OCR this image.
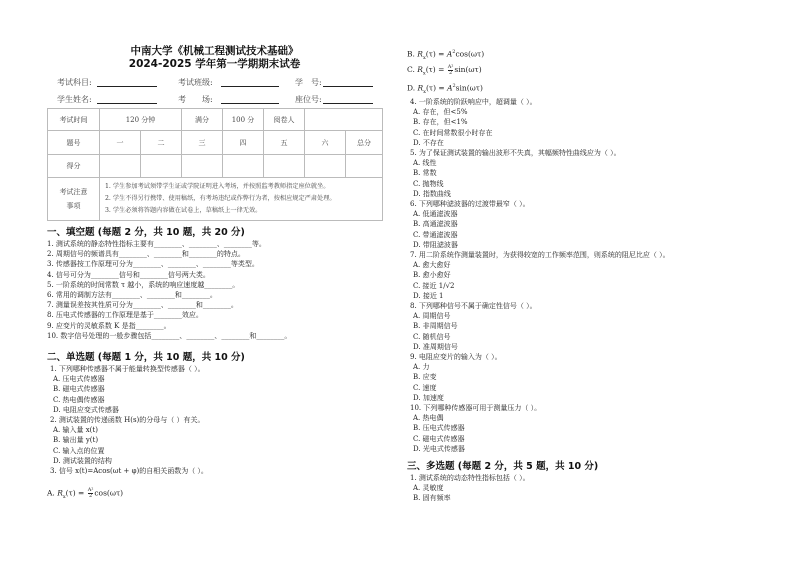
中南大学《机械工程测试技术基础》
2024-2025 学年第一学期期末试卷
考试科目:	考试班级:	学　号:
学生姓名:	考　　场:	座位号:
考试时间	120 分钟		满分	100 分	阅卷人		
题号	一	二	三	四	五	六	总分
得分							

考试注意
事项

1. 学生参加考试须带学生证或学院证明进入考场，并按照监考教师指定座位就坐。
2. 学生不得另行携带、使用稿纸，有考场违纪或作弊行为者，按相应规定严肃处理。
3. 学生必须将答题内容做在试卷上，草稿纸上一律无效。
一、填空题 (每题 2 分，共 10 题，共 20 分)
1. 测试系统的静态特性指标主要有________、________、________等。
2. 周期信号的频谱具有________、________和________的特点。
3. 传感器按工作原理可分为________、________、________等类型。
4. 信号可分为________信号和________信号两大类。
5. 一阶系统的时间常数 τ 越小，系统的响应速度越________。
6. 常用的调制方法有________、________和________。
7. 测量误差按其性质可分为________、________和________。
8. 压电式传感器的工作原理是基于________效应。
9. 应变片的灵敏系数 K 是指________。
10. 数字信号处理的一般步骤包括________、________、________和________。
二、单选题 (每题 1 分，共 10 题，共 10 分)
1. 下列哪种传感器不属于能量转换型传感器（ ）。
A. 压电式传感器
B. 磁电式传感器
C. 热电偶传感器
D. 电阻应变式传感器
2. 测试装置的传递函数 H(s)的分母与（ ）有关。
A. 输入量 x(t)
B. 输出量 y(t)
C. 输入点的位置
D. 测试装置的结构
3. 信号 x(t)=Acos(ωt + φ)的自相关函数为（ ）。
A. $R_x(\tau) = \frac{\text{A²}}{2} \cos(\omega\tau)$
B. $R_x(\tau) = A^2\cos(\omega\tau)$
C. $R_x(\tau) = \frac{\text{A²}}{2} \sin(\omega\tau)$
D. $R_x(\tau) = A^2\sin(\omega\tau)$
4. 一阶系统的阶跃响应中，超调量（ ）。
A. 存在，但<5%
B. 存在，但<1%
C. 在时间常数很小时存在
D. 不存在
5. 为了保证测试装置的输出波形不失真，其幅频特性曲线应为（ ）。
A. 线性
B. 常数
C. 抛物线
D. 指数曲线
6. 下列哪种滤波器的过渡带最窄（ ）。
A. 低通滤波器
B. 高通滤波器
C. 带通滤波器
D. 带阻滤波器
7. 用二阶系统作测量装置时，为获得较宽的工作频率范围，则系统的阻尼比应（ ）。
A. 愈大愈好
B. 愈小愈好
C. 接近 1/√2
D. 接近 1
8. 下列哪种信号不属于确定性信号（ ）。
A. 周期信号
B. 非周期信号
C. 随机信号
D. 准周期信号
9. 电阻应变片的输入为（ ）。
A. 力
B. 应变
C. 速度
D. 加速度
10. 下列哪种传感器可用于测量压力（ ）。
A. 热电偶
B. 压电式传感器
C. 磁电式传感器
D. 光电式传感器
三、多选题 (每题 2 分，共 5 题，共 10 分)
1. 测试系统的动态特性指标包括（ ）。
A. 灵敏度
B. 固有频率
